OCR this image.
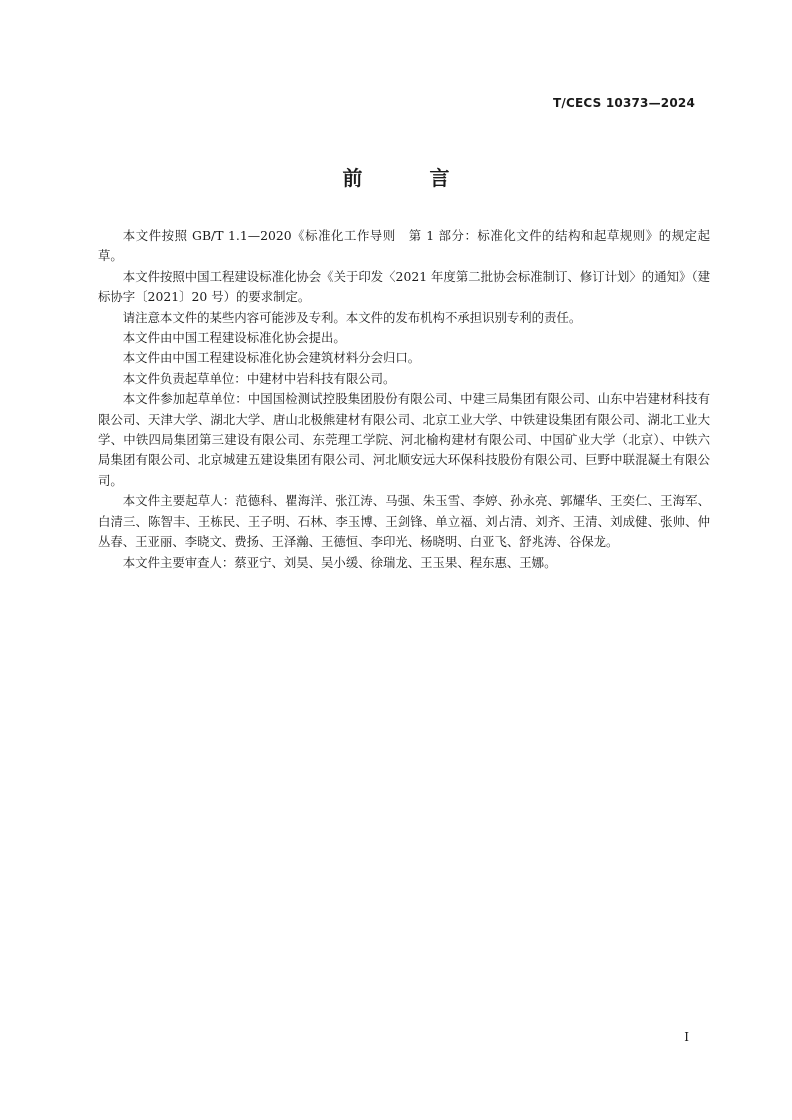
T/CECS 10373—2024
前 言

本文件按照 GB/T 1.1—2020《标准化工作导则　第 1 部分：标准化文件的结构和起草规则》的规定起草。

本文件按照中国工程建设标准化协会《关于印发〈2021 年度第二批协会标准制订、修订计划〉的通知》（建标协字〔2021〕20 号）的要求制定。

请注意本文件的某些内容可能涉及专利。本文件的发布机构不承担识别专利的责任。

本文件由中国工程建设标准化协会提出。

本文件由中国工程建设标准化协会建筑材料分会归口。

本文件负责起草单位：中建材中岩科技有限公司。

本文件参加起草单位：中国国检测试控股集团股份有限公司、中建三局集团有限公司、山东中岩建材科技有限公司、天津大学、湖北大学、唐山北极熊建材有限公司、北京工业大学、中铁建设集团有限公司、湖北工业大学、中铁四局集团第三建设有限公司、东莞理工学院、河北榆构建材有限公司、中国矿业大学（北京）、中铁六局集团有限公司、北京城建五建设集团有限公司、河北顺安远大环保科技股份有限公司、巨野中联混凝土有限公司。

本文件主要起草人：范德科、瞿海洋、张江涛、马强、朱玉雪、李婷、孙永亮、郭耀华、王奕仁、王海军、白清三、陈智丰、王栋民、王子明、石林、李玉博、王剑锋、单立福、刘占清、刘齐、王清、刘成健、张帅、仲丛春、王亚丽、李晓文、费扬、王泽瀚、王德恒、李印光、杨晓明、白亚飞、舒兆涛、谷保龙。

本文件主要审查人：蔡亚宁、刘昊、吴小缓、徐瑞龙、王玉果、程东惠、王娜。

I
